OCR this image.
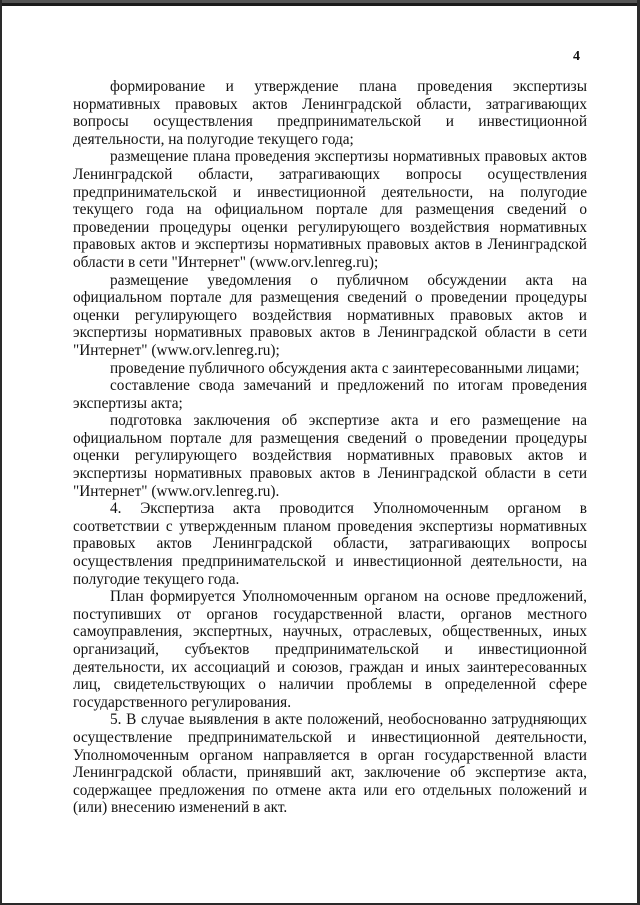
4

формирование и утверждение плана проведения экспертизы нормативных правовых актов Ленинградской области, затрагивающих вопросы осуществления предпринимательской и инвестиционной деятельности, на полугодие текущего года;

размещение плана проведения экспертизы нормативных правовых актов Ленинградской области, затрагивающих вопросы осуществления предпринимательской и инвестиционной деятельности, на полугодие текущего года на официальном портале для размещения сведений о проведении процедуры оценки регулирующего воздействия нормативных правовых актов и экспертизы нормативных правовых актов в Ленинградской области в сети "Интернет" (www.orv.lenreg.ru);

размещение уведомления о публичном обсуждении акта на официальном портале для размещения сведений о проведении процедуры оценки регулирующего воздействия нормативных правовых актов и экспертизы нормативных правовых актов в Ленинградской области в сети "Интернет" (www.orv.lenreg.ru);

проведение публичного обсуждения акта с заинтересованными лицами;

составление свода замечаний и предложений по итогам проведения экспертизы акта;

подготовка заключения об экспертизе акта и его размещение на официальном портале для размещения сведений о проведении процедуры оценки регулирующего воздействия нормативных правовых актов и экспертизы нормативных правовых актов в Ленинградской области в сети "Интернет" (www.orv.lenreg.ru).

4. Экспертиза акта проводится Уполномоченным органом в соответствии с утвержденным планом проведения экспертизы нормативных правовых актов Ленинградской области, затрагивающих вопросы осуществления предпринимательской и инвестиционной деятельности, на полугодие текущего года.

План формируется Уполномоченным органом на основе предложений, поступивших от органов государственной власти, органов местного самоуправления, экспертных, научных, отраслевых, общественных, иных организаций, субъектов предпринимательской и инвестиционной деятельности, их ассоциаций и союзов, граждан и иных заинтересованных лиц, свидетельствующих о наличии проблемы в определенной сфере государственного регулирования.

5. В случае выявления в акте положений, необоснованно затрудняющих осуществление предпринимательской и инвестиционной деятельности, Уполномоченным органом направляется в орган государственной власти Ленинградской области, принявший акт, заключение об экспертизе акта, содержащее предложения по отмене акта или его отдельных положений и (или) внесению изменений в акт.
